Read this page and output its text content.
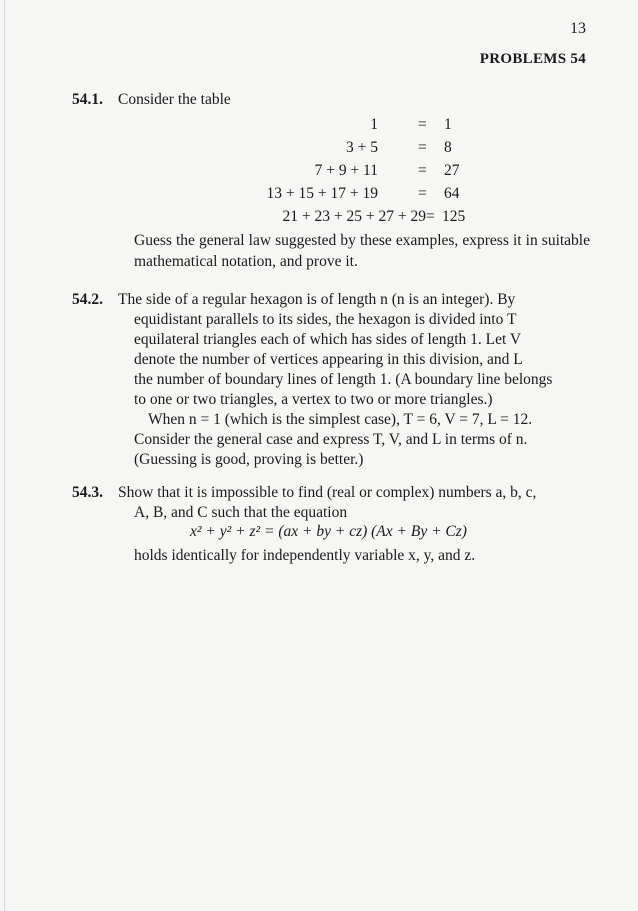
13
PROBLEMS 54
54.1. Consider the table
1	= 1
3 + 5	= 8
7 + 9 + 11	= 27
13 + 15 + 17 + 19	= 64
21 + 23 + 25 + 27 + 29 = 125
Guess the general law suggested by these examples, express it in suitable mathematical notation, and prove it.
54.2. The side of a regular hexagon is of length n (n is an integer). By
equidistant parallels to its sides, the hexagon is divided into T
equilateral triangles each of which has sides of length 1. Let V
denote the number of vertices appearing in this division, and L
the number of boundary lines of length 1. (A boundary line belongs
to one or two triangles, a vertex to two or more triangles.)
When n = 1 (which is the simplest case), T = 6, V = 7, L = 12.
Consider the general case and express T, V, and L in terms of n.
(Guessing is good, proving is better.)
54.3. Show that it is impossible to find (real or complex) numbers a, b, c,
A, B, and C such that the equation
x² + y² + z² = (ax + by + cz) (Ax + By + Cz)
holds identically for independently variable x, y, and z.
